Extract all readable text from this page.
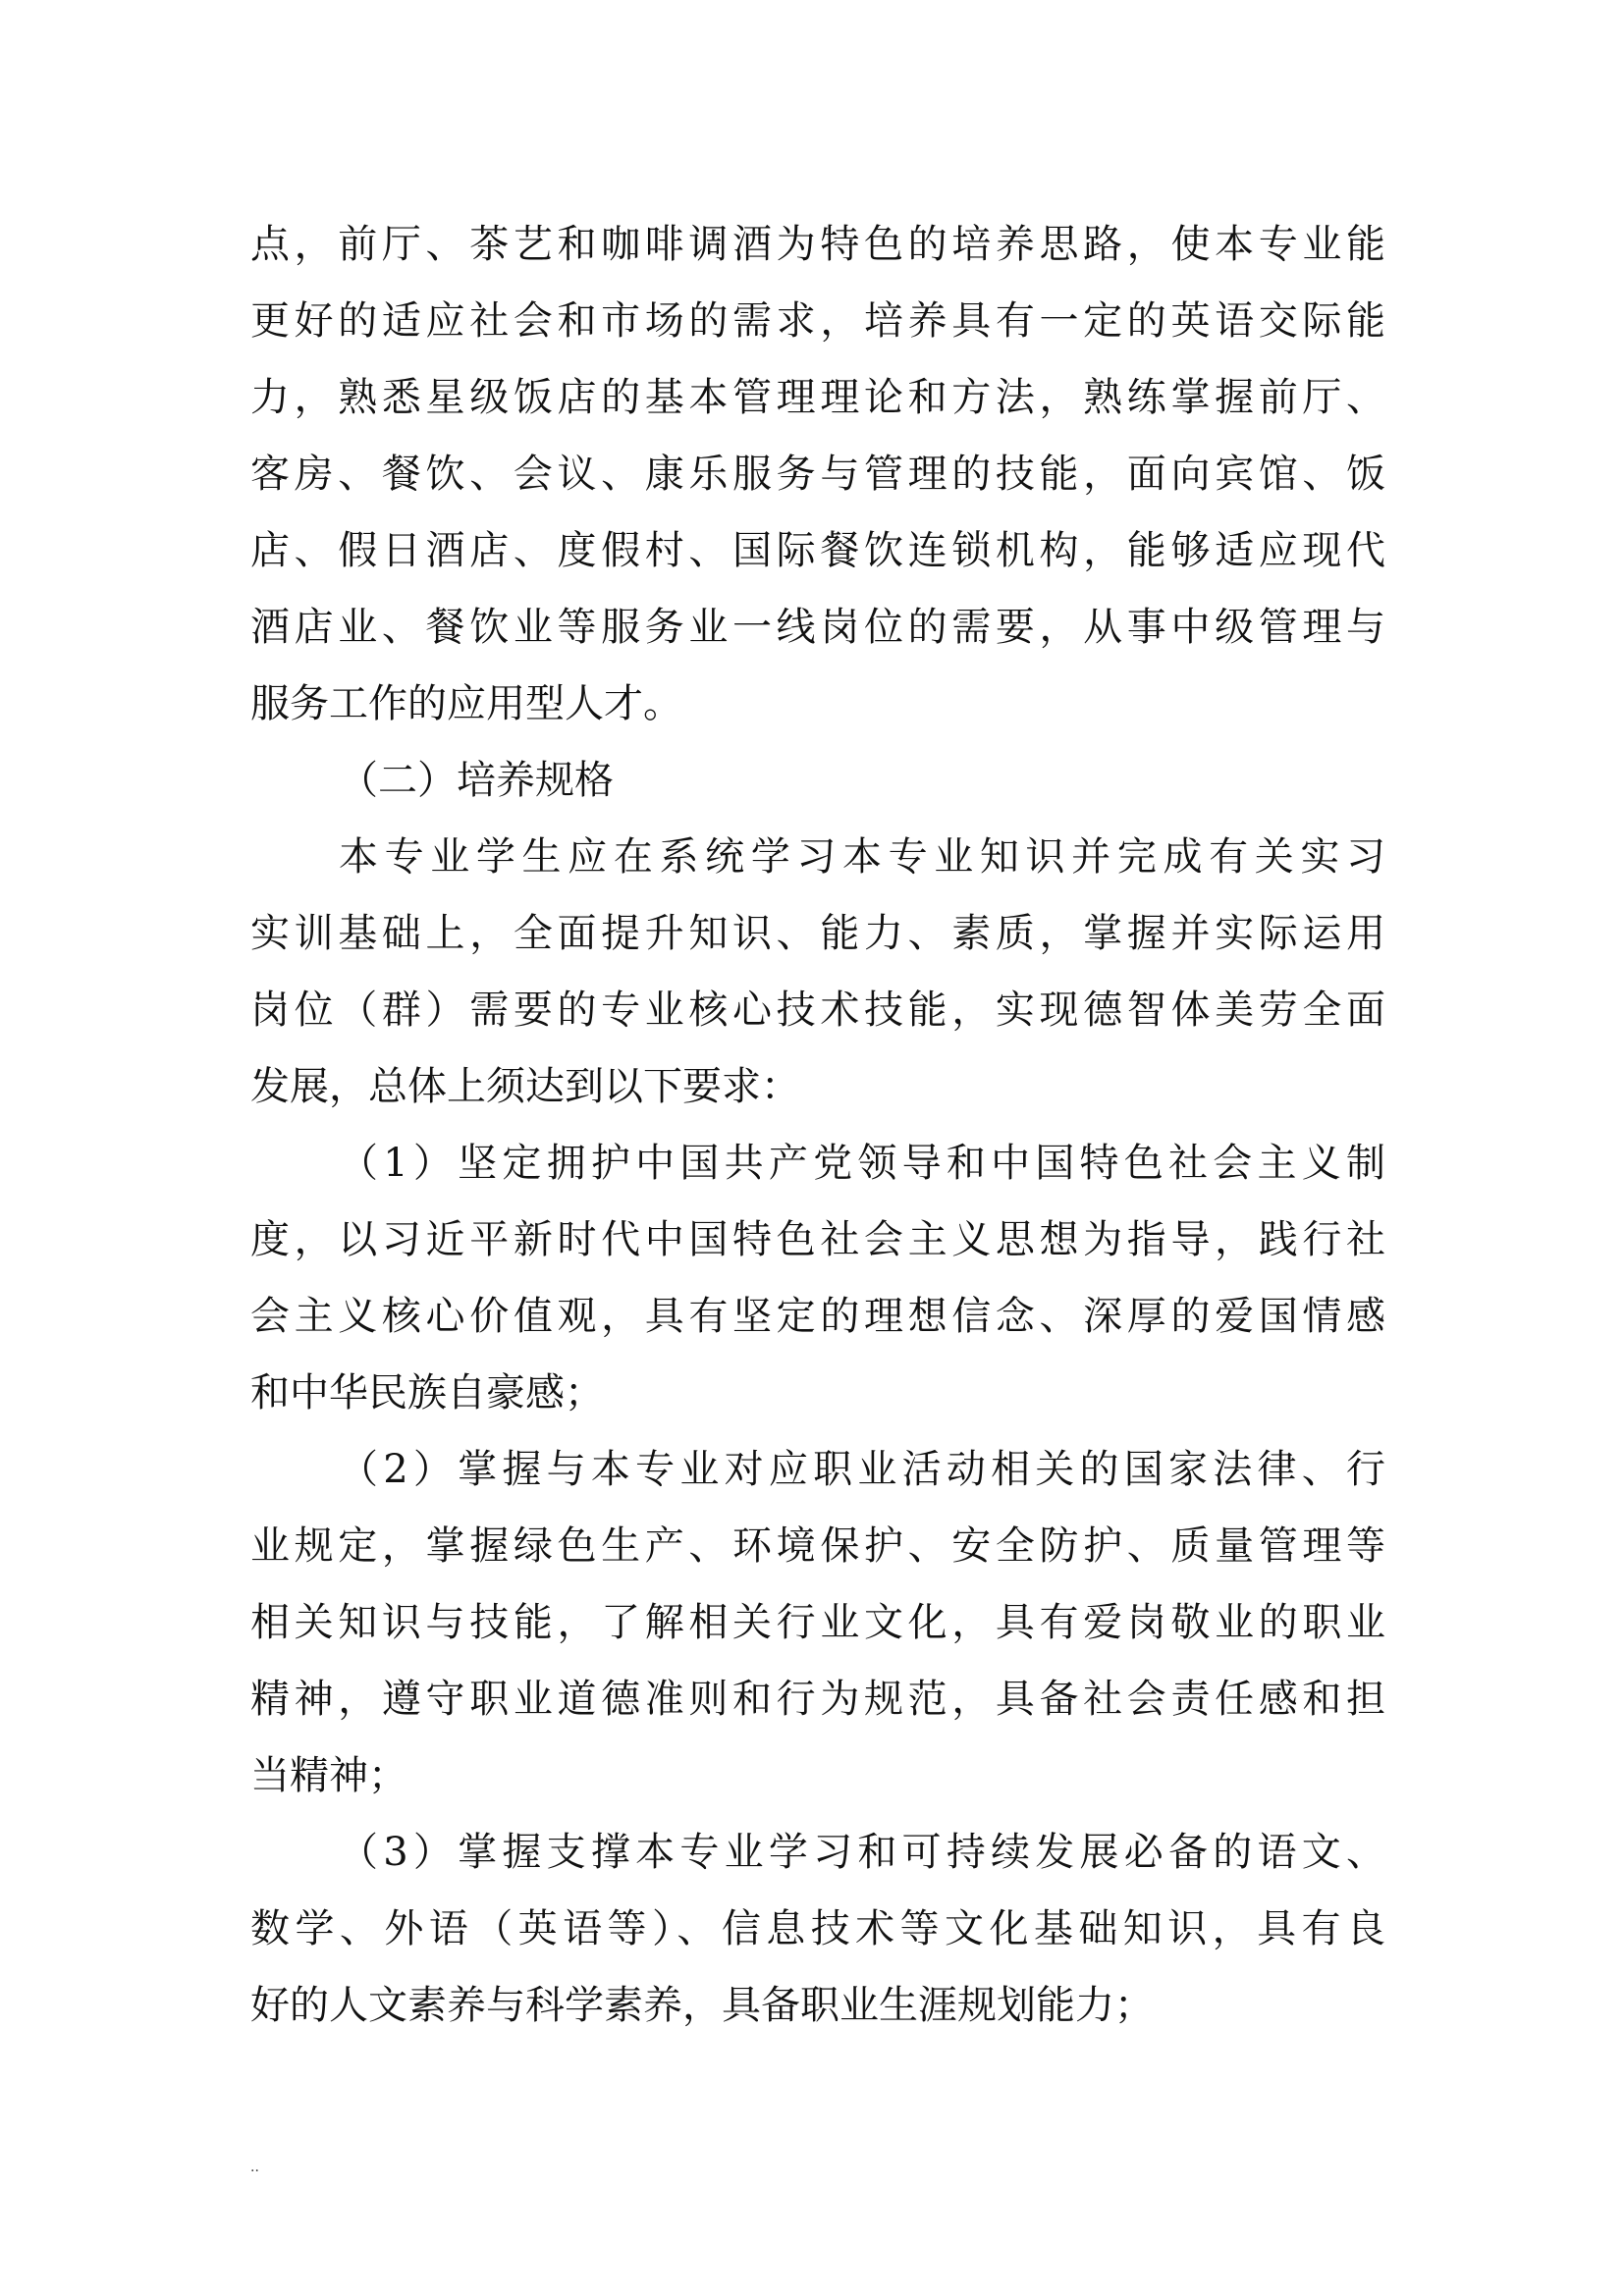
点，前厅、茶艺和咖啡调酒为特色的培养思路，使本专业能
更好的适应社会和市场的需求，培养具有一定的英语交际能
力，熟悉星级饭店的基本管理理论和方法，熟练掌握前厅、
客房、餐饮、会议、康乐服务与管理的技能，面向宾馆、饭
店、假日酒店、度假村、国际餐饮连锁机构，能够适应现代
酒店业、餐饮业等服务业一线岗位的需要，从事中级管理与
服务工作的应用型人才。
（二）培养规格
本专业学生应在系统学习本专业知识并完成有关实习
实训基础上，全面提升知识、能力、素质，掌握并实际运用
岗位（群）需要的专业核心技术技能，实现德智体美劳全面
发展，总体上须达到以下要求：
（1）坚定拥护中国共产党领导和中国特色社会主义制
度，以习近平新时代中国特色社会主义思想为指导，践行社
会主义核心价值观，具有坚定的理想信念、深厚的爱国情感
和中华民族自豪感；
（2）掌握与本专业对应职业活动相关的国家法律、行
业规定，掌握绿色生产、环境保护、安全防护、质量管理等
相关知识与技能，了解相关行业文化，具有爱岗敬业的职业
精神，遵守职业道德准则和行为规范，具备社会责任感和担
当精神；
（3）掌握支撑本专业学习和可持续发展必备的语文、
数学、外语（英语等）、信息技术等文化基础知识，具有良
好的人文素养与科学素养，具备职业生涯规划能力；
..
